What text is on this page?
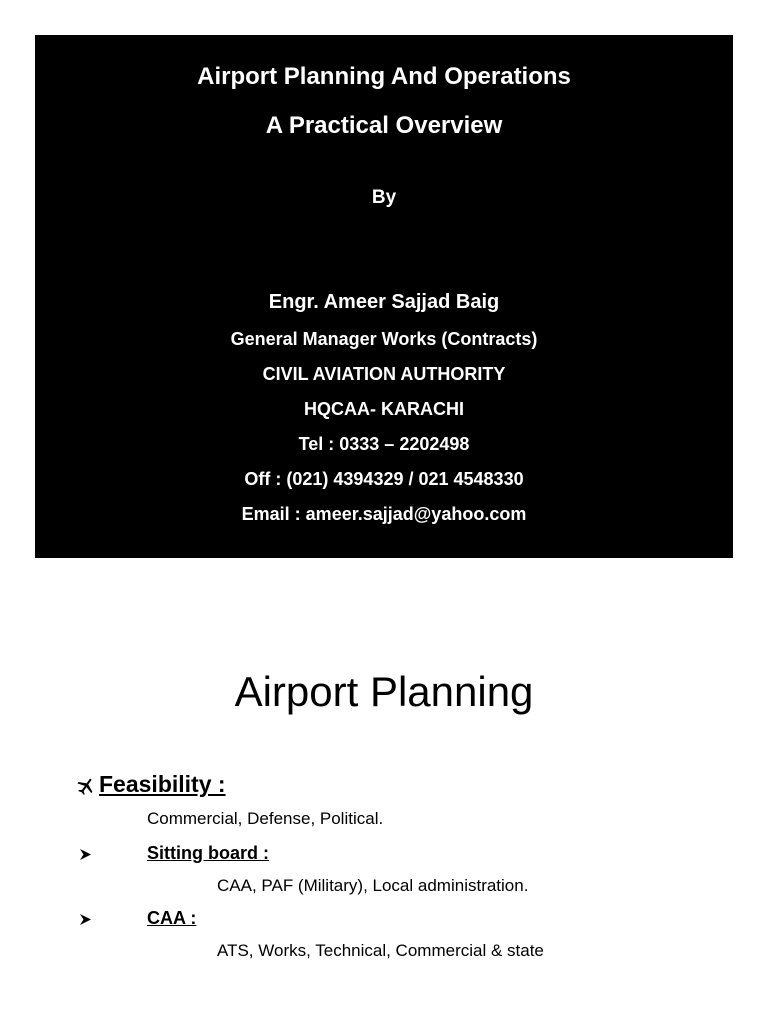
Airport Planning And Operations
A Practical Overview
By
Engr. Ameer Sajjad Baig
General Manager Works (Contracts)
CIVIL AVIATION AUTHORITY
HQCAA- KARACHI
Tel : 0333 – 2202498
Off : (021) 4394329 / 021 4548330
Email : ameer.sajjad@yahoo.com
Airport Planning
Feasibility :
Commercial, Defense, Political.
Sitting board :
CAA, PAF (Military), Local administration.
CAA :
ATS, Works, Technical, Commercial & state
